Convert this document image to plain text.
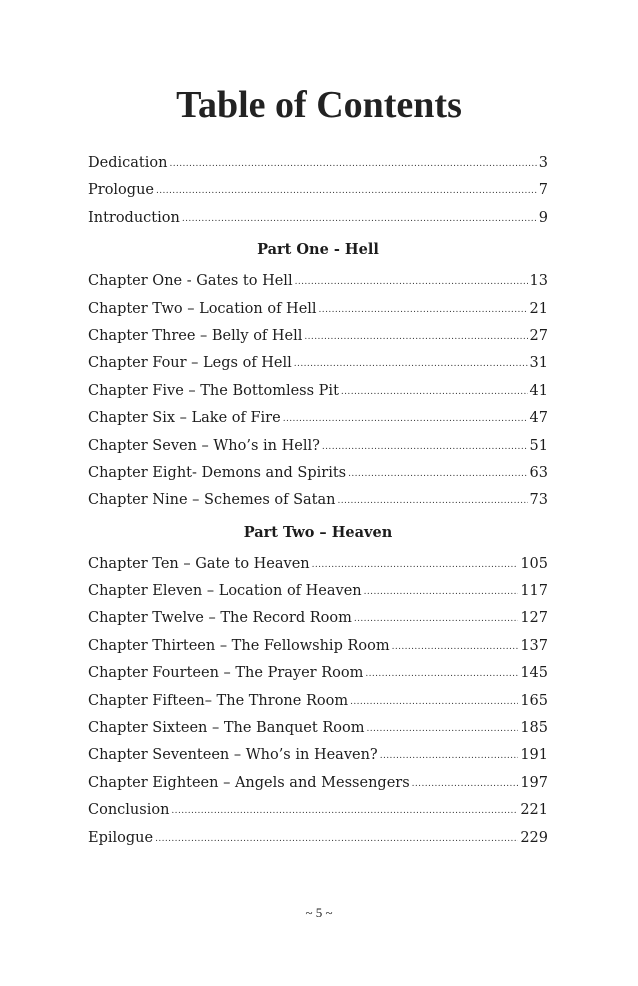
Table of Contents
Dedication .....	3
Prologue .....	7
Introduction .....	9
Part One - Hell
Chapter One - Gates to Hell .....	13
Chapter Two – Location of Hell .....	21
Chapter Three – Belly of Hell .....	27
Chapter Four – Legs of Hell .....	31
Chapter Five – The Bottomless Pit .....	41
Chapter Six – Lake of Fire .....	47
Chapter Seven – Who’s in Hell? .....	51
Chapter Eight- Demons and Spirits .....	63
Chapter Nine – Schemes of Satan .....	73
Part Two – Heaven
Chapter Ten – Gate to Heaven .....	105
Chapter Eleven – Location of Heaven .....	117
Chapter Twelve – The Record Room .....	127
Chapter Thirteen – The Fellowship Room .....	137
Chapter Fourteen – The Prayer Room .....	145
Chapter Fifteen– The Throne Room .....	165
Chapter Sixteen – The Banquet Room .....	185
Chapter Seventeen – Who’s in Heaven? .....	191
Chapter Eighteen – Angels and Messengers .....	197
Conclusion .....	221
Epilogue .....	229
~ 5 ~
